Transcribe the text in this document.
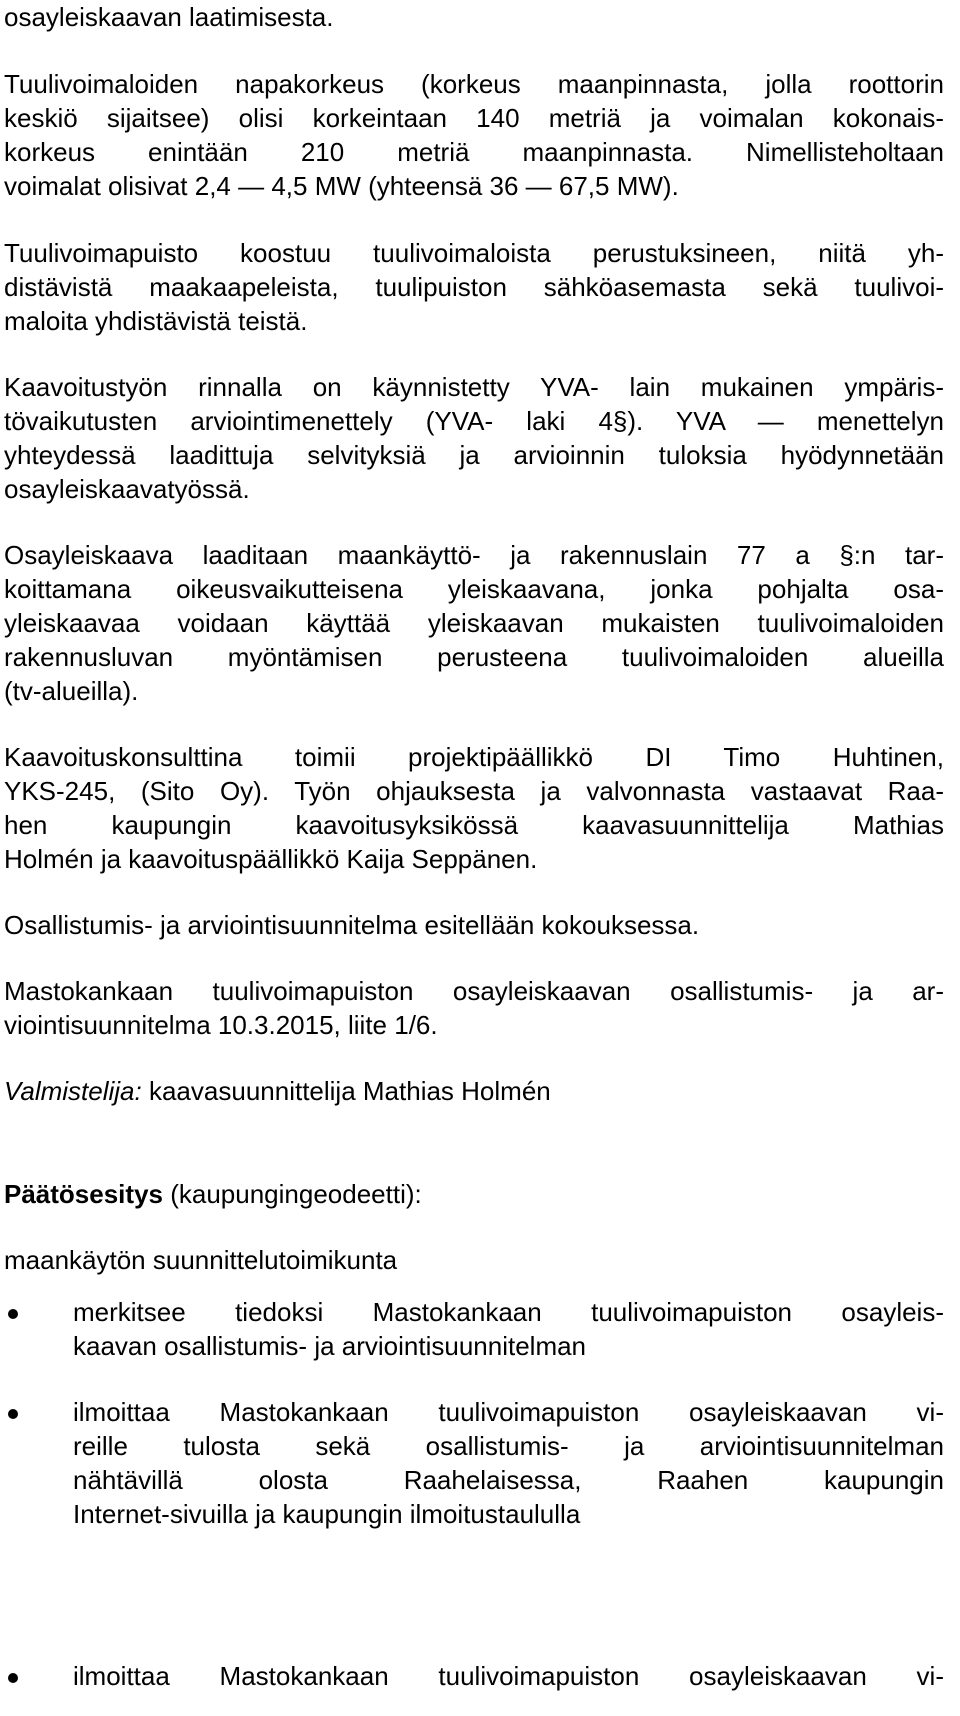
osayleiskaavan laatimisesta.
Tuulivoimaloiden napakorkeus (korkeus maanpinnasta, jolla roottorin
keskiö sijaitsee) olisi korkeintaan 140 metriä ja voimalan kokonais-
korkeus enintään 210 metriä maanpinnasta. Nimellisteholtaan
voimalat olisivat 2,4 — 4,5 MW (yhteensä 36 — 67,5 MW).
Tuulivoimapuisto koostuu tuulivoimaloista perustuksineen, niitä yh-
distävistä maakaapeleista, tuulipuiston sähköasemasta sekä tuulivoi-
maloita yhdistävistä teistä.
Kaavoitustyön rinnalla on käynnistetty YVA- lain mukainen ympäris-
tövaikutusten arviointimenettely (YVA- laki 4§). YVA — menettelyn
yhteydessä laadittuja selvityksiä ja arvioinnin tuloksia hyödynnetään
osayleiskaavatyössä.
Osayleiskaava laaditaan maankäyttö- ja rakennuslain 77 a §:n tar-
koittamana oikeusvaikutteisena yleiskaavana, jonka pohjalta osa-
yleiskaavaa voidaan käyttää yleiskaavan mukaisten tuulivoimaloiden
rakennusluvan myöntämisen perusteena tuulivoimaloiden alueilla
(tv-alueilla).
Kaavoituskonsulttina toimii projektipäällikkö DI Timo Huhtinen,
YKS-245, (Sito Oy). Työn ohjauksesta ja valvonnasta vastaavat Raa-
hen kaupungin kaavoitusyksikössä kaavasuunnittelija Mathias
Holmén ja kaavoituspäällikkö Kaija Seppänen.
Osallistumis- ja arviointisuunnitelma esitellään kokouksessa.
Mastokankaan tuulivoimapuiston osayleiskaavan osallistumis- ja ar-
viointisuunnitelma 10.3.2015, liite 1/6.
Valmistelija: kaavasuunnittelija Mathias Holmén
Päätösesitys (kaupungingeodeetti):
maankäytön suunnittelutoimikunta
merkitsee tiedoksi Mastokankaan tuulivoimapuiston osayleis-
kaavan osallistumis- ja arviointisuunnitelman
ilmoittaa Mastokankaan tuulivoimapuiston osayleiskaavan vi-
reille tulosta sekä osallistumis- ja arviointisuunnitelman
nähtävillä olosta Raahelaisessa, Raahen kaupungin
Internet-sivuilla ja kaupungin ilmoitustaululla
ilmoittaa Mastokankaan tuulivoimapuiston osayleiskaavan vi-
